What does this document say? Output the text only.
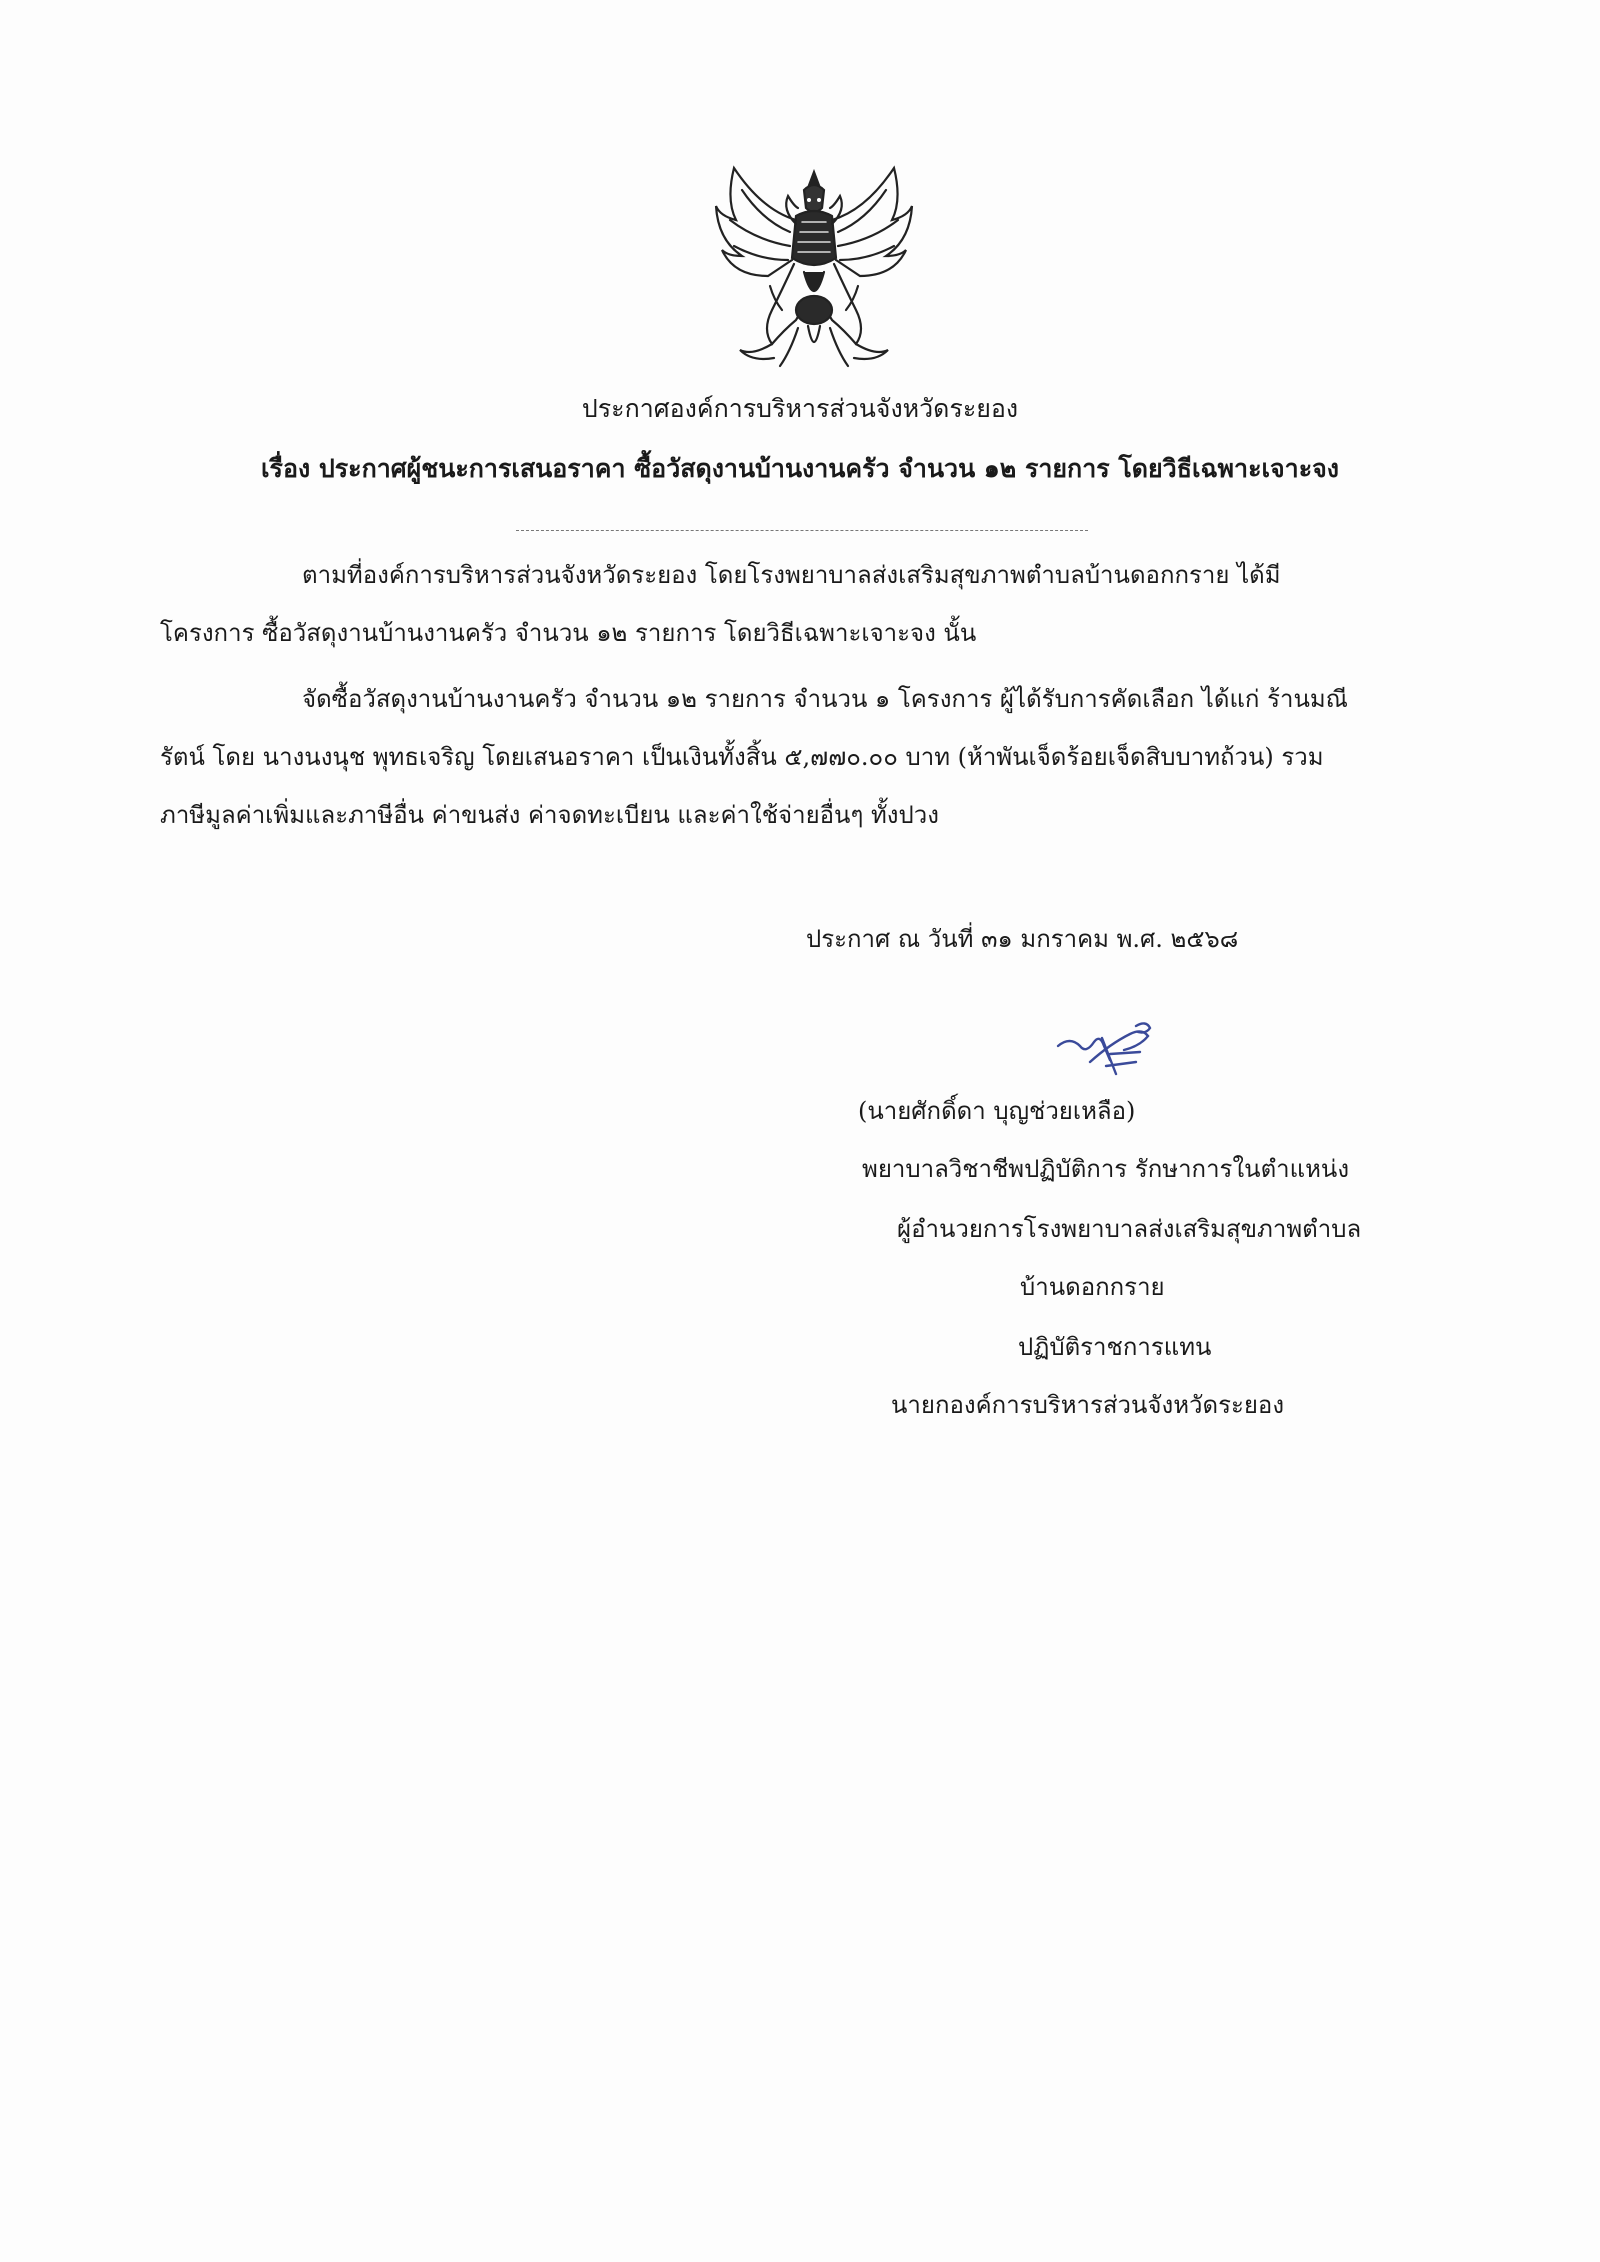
ประกาศองค์การบริหารส่วนจังหวัดระยอง
เรื่อง ประกาศผู้ชนะการเสนอราคา ซื้อวัสดุงานบ้านงานครัว จำนวน ๑๒ รายการ โดยวิธีเฉพาะเจาะจง
ตามที่องค์การบริหารส่วนจังหวัดระยอง โดยโรงพยาบาลส่งเสริมสุขภาพตำบลบ้านดอกกราย ได้มี
โครงการ ซื้อวัสดุงานบ้านงานครัว จำนวน ๑๒ รายการ โดยวิธีเฉพาะเจาะจง นั้น
จัดซื้อวัสดุงานบ้านงานครัว จำนวน ๑๒ รายการ จำนวน ๑ โครงการ ผู้ได้รับการคัดเลือก ได้แก่ ร้านมณี
รัตน์ โดย นางนงนุช พุทธเจริญ โดยเสนอราคา เป็นเงินทั้งสิ้น ๕,๗๗๐.๐๐ บาท (ห้าพันเจ็ดร้อยเจ็ดสิบบาทถ้วน) รวม
ภาษีมูลค่าเพิ่มและภาษีอื่น ค่าขนส่ง ค่าจดทะเบียน และค่าใช้จ่ายอื่นๆ ทั้งปวง
ประกาศ ณ วันที่ ๓๑ มกราคม พ.ศ. ๒๕๖๘
(นายศักดิ์ดา บุญช่วยเหลือ)
พยาบาลวิชาชีพปฏิบัติการ รักษาการในตำแหน่ง
ผู้อำนวยการโรงพยาบาลส่งเสริมสุขภาพตำบล
บ้านดอกกราย
ปฏิบัติราชการแทน
นายกองค์การบริหารส่วนจังหวัดระยอง
